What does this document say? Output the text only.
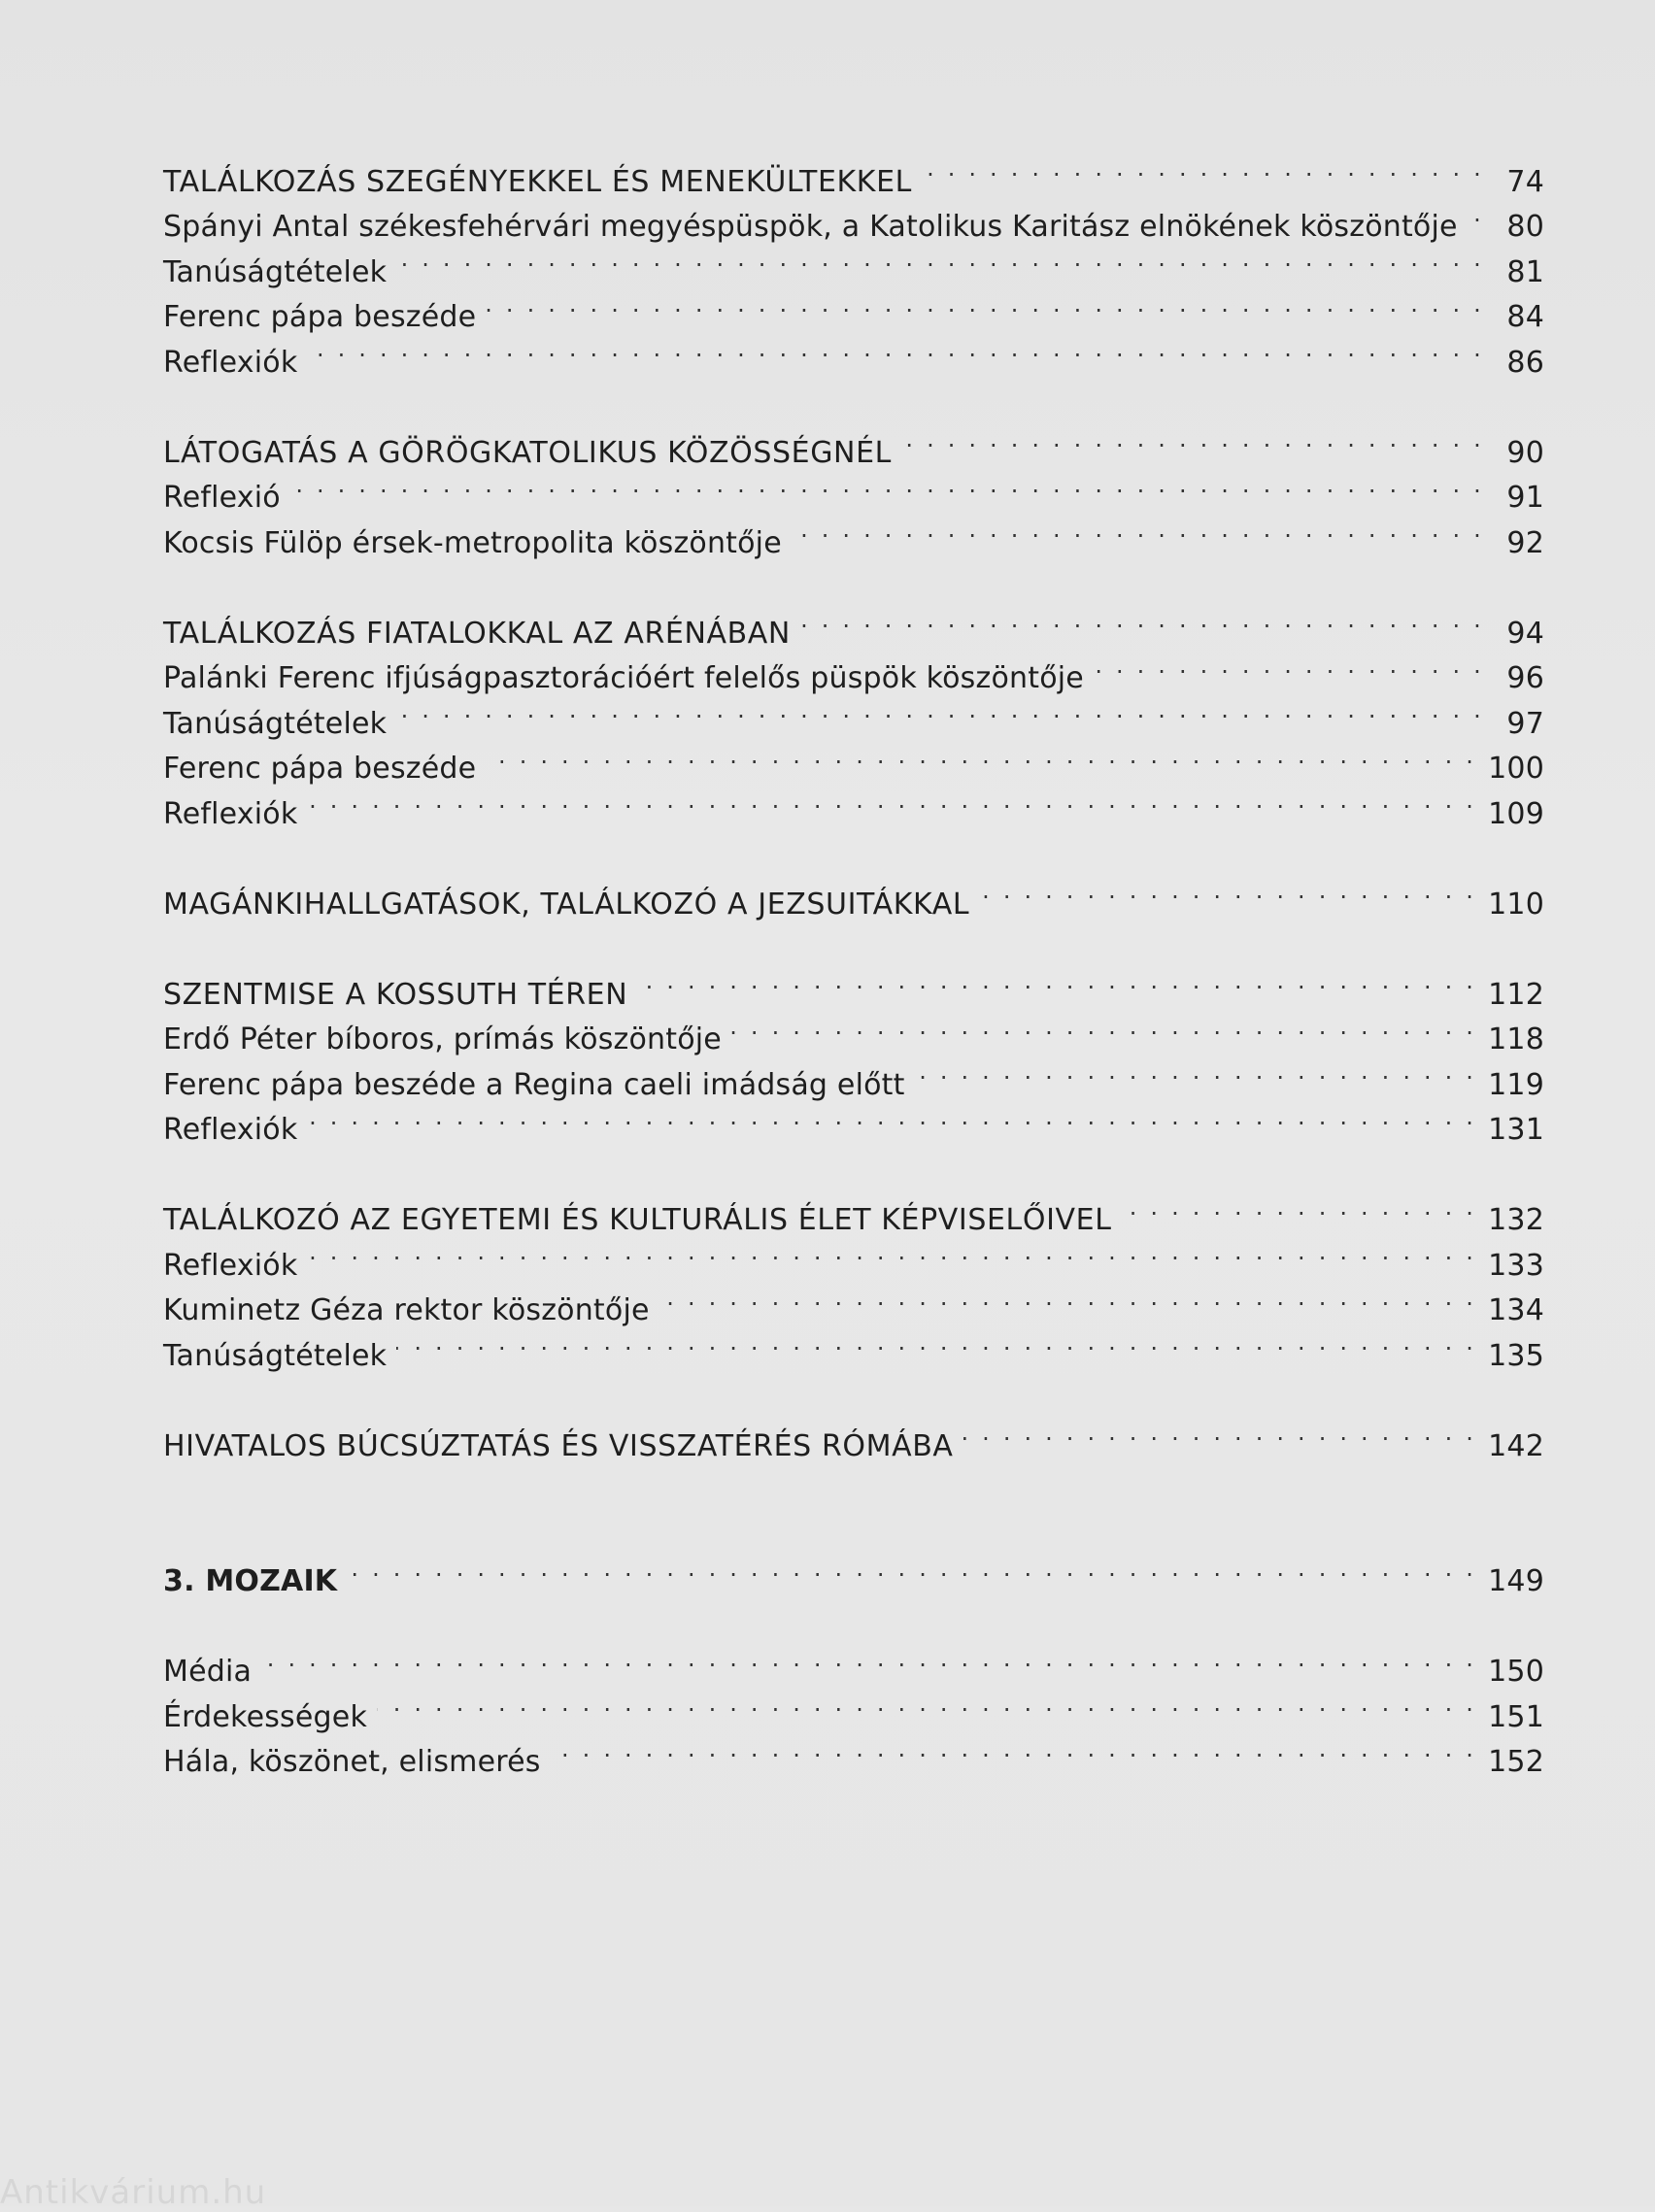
TALÁLKOZÁS SZEGÉNYEKKEL ÉS MENEKÜLTEKKEL . . .	74
Spányi Antal székesfehérvári megyéspüspök, a Katolikus Karitász elnökének köszöntője . . .	80
Tanúságtételek . . .	81
Ferenc pápa beszéde . . .	84
Reflexiók . . .	86
LÁTOGATÁS A GÖRÖGKATOLIKUS KÖZÖSSÉGNÉL . . .	90
Reflexió . . .	91
Kocsis Fülöp érsek-metropolita köszöntője . . .	92
TALÁLKOZÁS FIATALOKKAL AZ ARÉNÁBAN . . .	94
Palánki Ferenc ifjúságpasztorációért felelős püspök köszöntője . . .	96
Tanúságtételek . . .	97
Ferenc pápa beszéde . . .	100
Reflexiók . . .	109
MAGÁNKIHALLGATÁSOK, TALÁLKOZÓ A JEZSUITÁKKAL . . .	110
SZENTMISE A KOSSUTH TÉREN . . .	112
Erdő Péter bíboros, prímás köszöntője . . .	118
Ferenc pápa beszéde a Regina caeli imádság előtt . . .	119
Reflexiók . . .	131
TALÁLKOZÓ AZ EGYETEMI ÉS KULTURÁLIS ÉLET KÉPVISELŐIVEL . . .	132
Reflexiók . . .	133
Kuminetz Géza rektor köszöntője . . .	134
Tanúságtételek . . .	135
HIVATALOS BÚCSÚZTATÁS ÉS VISSZATÉRÉS RÓMÁBA . . .	142
3. MOZAIK . . .	149
Média . . .	150
Érdekességek . . .	151
Hála, köszönet, elismerés . . .	152
Antikvárium.hu
